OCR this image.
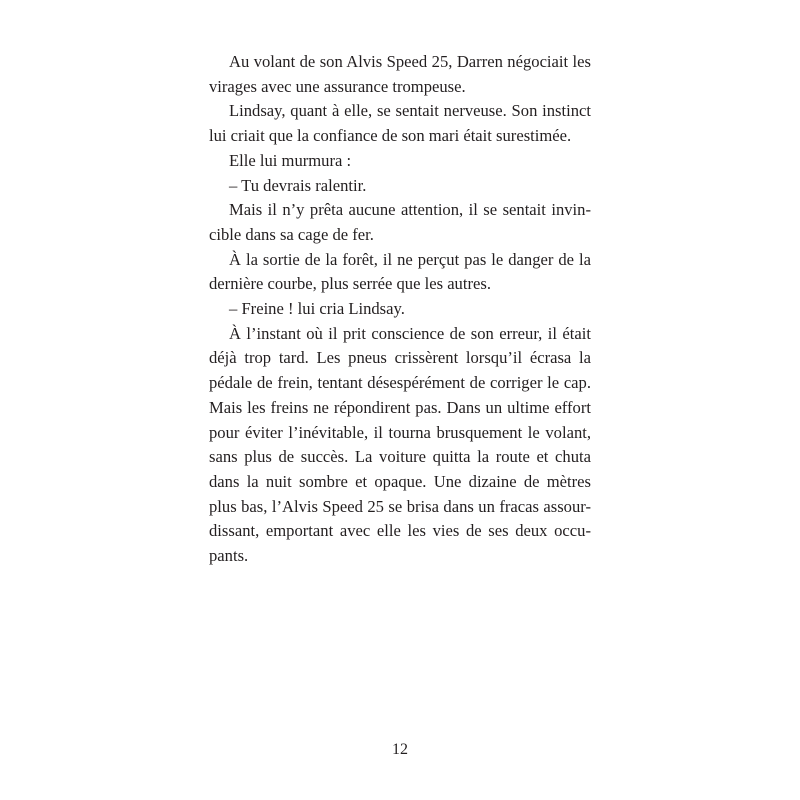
Au volant de son Alvis Speed 25, Darren négociait les
virages avec une assurance trompeuse.

Lindsay, quant à elle, se sentait nerveuse. Son instinct
lui criait que la confiance de son mari était surestimée.

Elle lui murmura :

– Tu devrais ralentir.

Mais il n’y prêta aucune attention, il se sentait invin-
cible dans sa cage de fer.

À la sortie de la forêt, il ne perçut pas le danger de la
dernière courbe, plus serrée que les autres.

– Freine ! lui cria Lindsay.

À l’instant où il prit conscience de son erreur, il était
déjà trop tard. Les pneus crissèrent lorsqu’il écrasa la
pédale de frein, tentant désespérément de corriger le cap.
Mais les freins ne répondirent pas. Dans un ultime effort
pour éviter l’inévitable, il tourna brusquement le volant,
sans plus de succès. La voiture quitta la route et chuta
dans la nuit sombre et opaque. Une dizaine de mètres
plus bas, l’Alvis Speed 25 se brisa dans un fracas assour-
dissant, emportant avec elle les vies de ses deux occu-
pants.

12
